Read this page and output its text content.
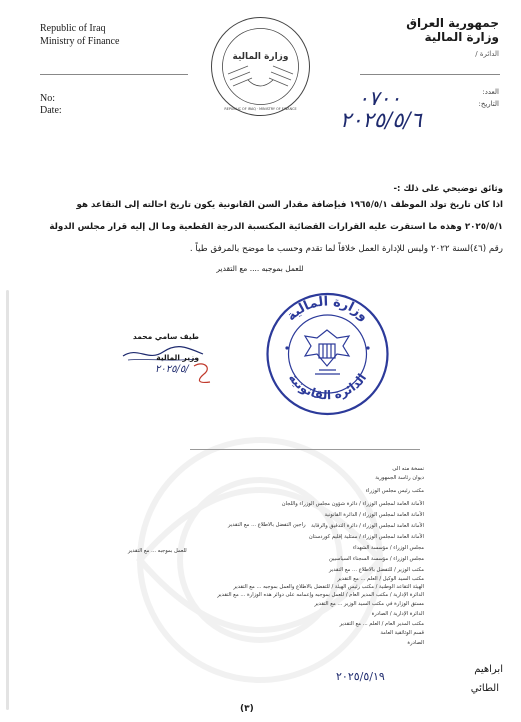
Republic of Iraq
Ministry of Finance
جمهورية العراق
وزارة المالية
الدائرة /
REPUBLIC OF IRAQ · MINISTRY OF FINANCE
وزارة المالية
No:
Date:
العدد:
التاريخ:
٠٧٠٠
٢٠٢٥/٥/٦
وثائق توضيحي على ذلك :-
اذا كان تاريخ تولد الموظف ١٩٦٥/٥/١ فبإضافة مقدار السن القانونية يكون تاريخ احالته إلى التقاعد هو
٢٠٢٥/٥/١ وهذه ما استقرت عليه القرارات القضائية المكتسبة الدرجة القطعية وما ال إليه قرار مجلس الدولة
رقم (٤٦)لسنة ٢٠٢٢ وليس للإدارة العمل خلافاً لما تقدم وحسب ما موضح بالمرفق طياً .
للعمل بموجبه .... مع التقدير
طيف سامي محمد
وزير المالية
٢٠٢٥/٥/
وزارة المالية
الدائرة القانونية
نسخة منه الى
ديوان رئاسة الجمهورية
مكتب رئيس مجلس الوزراء
الأمانة العامة لمجلس الوزراء / دائرة شؤون مجلس الوزراء واللجان
الأمانة العامة لمجلس الوزراء / الدائرة القانونية
الأمانة العامة لمجلس الوزراء / دائرة التدقيق والرقابة
الأمانة العامة لمجلس الوزراء / ممثلية إقليم كوردستان
مجلس الوزراء / مؤسسة الشهداء
مجلس الوزراء / مؤسسة السجناء السياسيين
مكتب الوزير / للتفضل بالاطلاع ... مع التقدير
مكتب السيد الوكيل / العلم ... مع التقدير
الهيئة التقاعد الوطنية / مكتب رئيس الهيئة / للتفضل بالاطلاع والعمل بموجبه ... مع التقدير
الدائرة الإدارية / مكتب المدير العام / للعمل بموجبه وإعمامه على دوائر هذه الوزارة ... مع التقدير
مستق الوزارة في مكتب السيد الوزير ... مع التقدير
الدائرة الإدارية / الصادرة
مكتب المدير العام / العلم ... مع التقدير
قسم الوثائقية العامة
الصادرة
راجين التفضل بالاطلاع ... مع التقدير
للعمل بموجبه ... مع التقدير
ابراهيم
الطائي
٢٠٢٥/٥/١٩
(٣)
